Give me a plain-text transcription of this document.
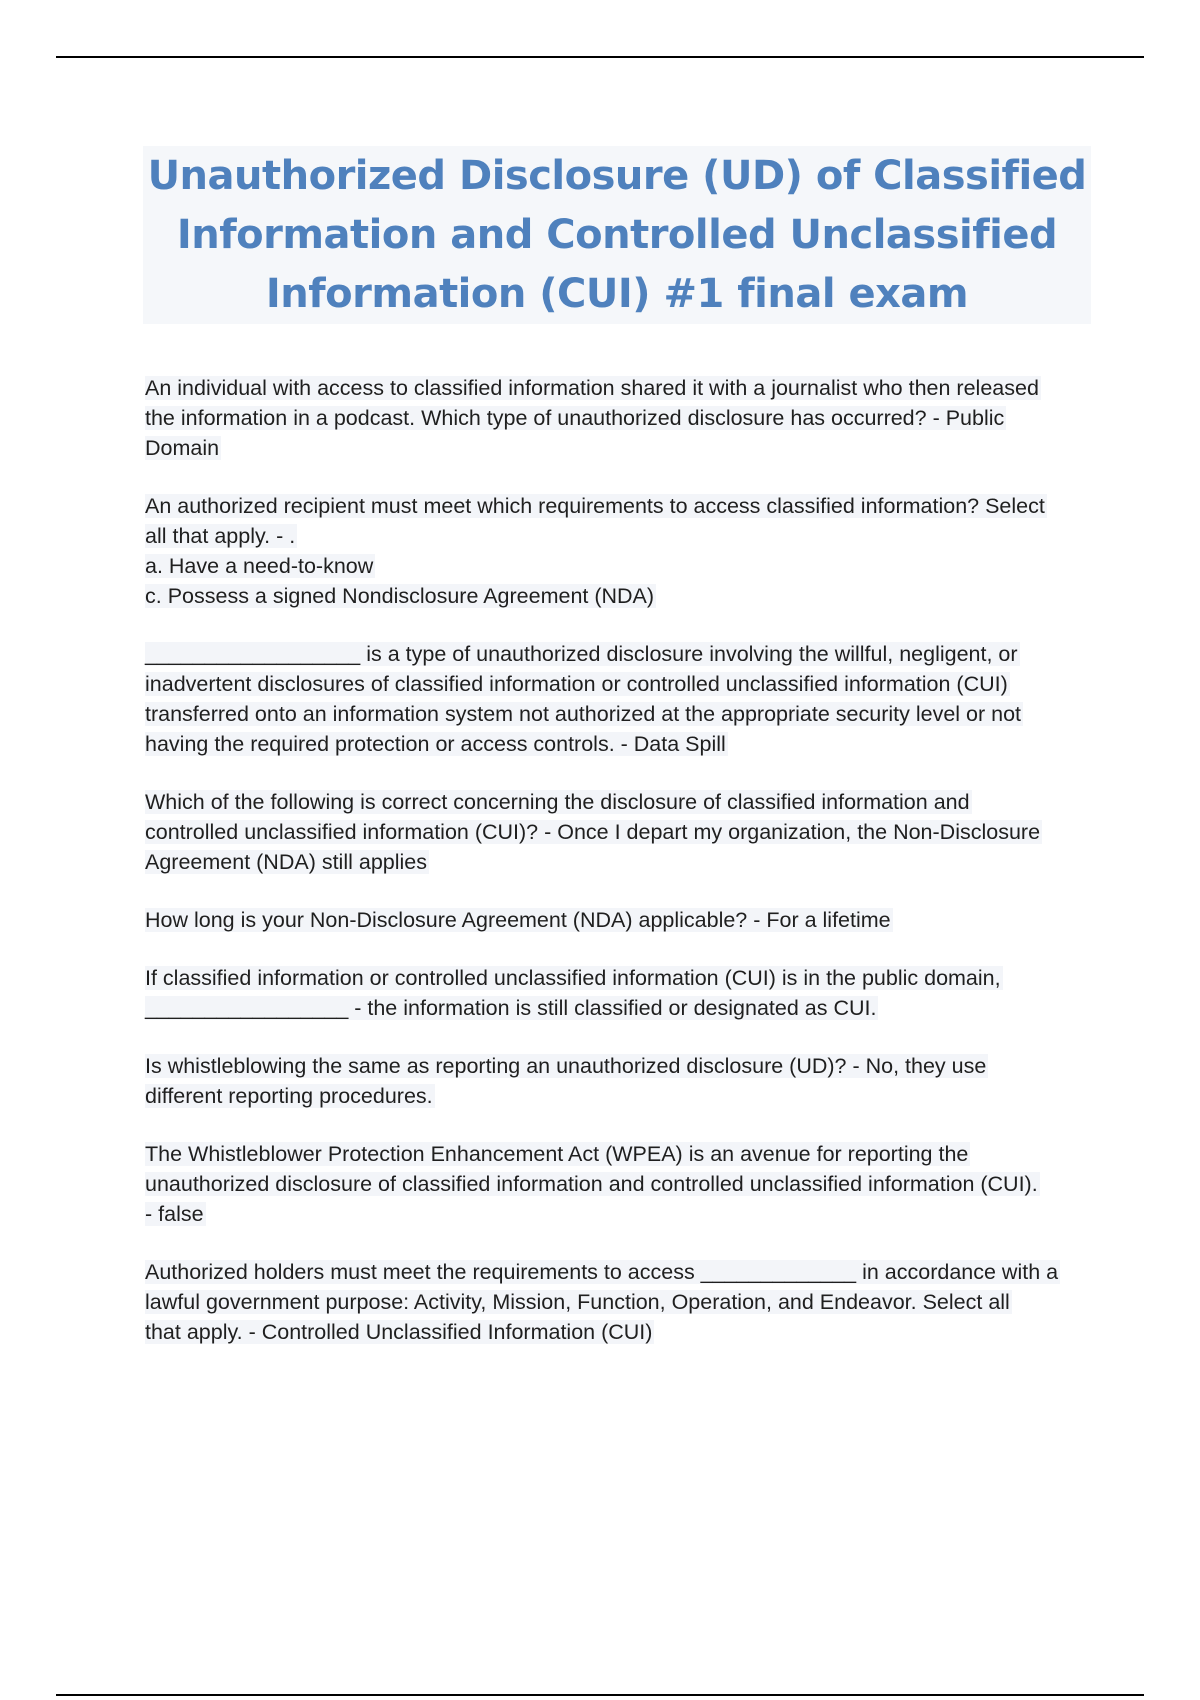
Unauthorized Disclosure (UD) of Classified
Information and Controlled Unclassified
Information (CUI) #1 final exam

An individual with access to classified information shared it with a journalist who then released
the information in a podcast. Which type of unauthorized disclosure has occurred? - Public
Domain

An authorized recipient must meet which requirements to access classified information? Select
all that apply. - .
a. Have a need-to-know
c. Possess a signed Nondisclosure Agreement (NDA)

__________________ is a type of unauthorized disclosure involving the willful, negligent, or
inadvertent disclosures of classified information or controlled unclassified information (CUI)
transferred onto an information system not authorized at the appropriate security level or not
having the required protection or access controls. - Data Spill

Which of the following is correct concerning the disclosure of classified information and
controlled unclassified information (CUI)? - Once I depart my organization, the Non-Disclosure
Agreement (NDA) still applies

How long is your Non-Disclosure Agreement (NDA) applicable? - For a lifetime

If classified information or controlled unclassified information (CUI) is in the public domain,
_________________ - the information is still classified or designated as CUI.

Is whistleblowing the same as reporting an unauthorized disclosure (UD)? - No, they use
different reporting procedures.

The Whistleblower Protection Enhancement Act (WPEA) is an avenue for reporting the
unauthorized disclosure of classified information and controlled unclassified information (CUI).
- false

Authorized holders must meet the requirements to access _____________ in accordance with a
lawful government purpose: Activity, Mission, Function, Operation, and Endeavor. Select all
that apply. - Controlled Unclassified Information (CUI)
